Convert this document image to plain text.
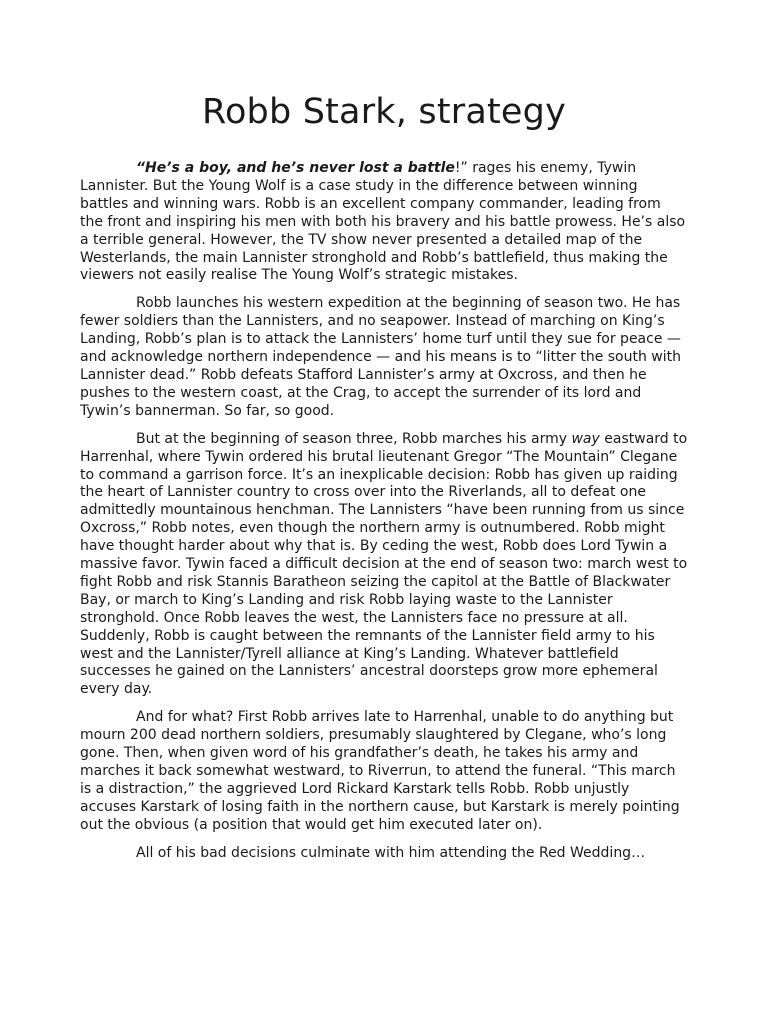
Robb Stark, strategy

“He’s a boy, and he’s never lost a battle!” rages his enemy, Tywin Lannister. But the Young Wolf is a case study in the difference between winning battles and winning wars. Robb is an excellent company commander, leading from the front and inspiring his men with both his bravery and his battle prowess. He’s also a terrible general. However, the TV show never presented a detailed map of the Westerlands, the main Lannister stronghold and Robb’s battlefield, thus making the viewers not easily realise The Young Wolf’s strategic mistakes.

Robb launches his western expedition at the beginning of season two. He has fewer soldiers than the Lannisters, and no seapower. Instead of marching on King’s Landing, Robb’s plan is to attack the Lannisters’ home turf until they sue for peace — and acknowledge northern independence — and his means is to “litter the south with Lannister dead.” Robb defeats Stafford Lannister’s army at Oxcross, and then he pushes to the western coast, at the Crag, to accept the surrender of its lord and Tywin’s bannerman. So far, so good.

But at the beginning of season three, Robb marches his army way eastward to Harrenhal, where Tywin ordered his brutal lieutenant Gregor “The Mountain” Clegane to command a garrison force. It’s an inexplicable decision: Robb has given up raiding the heart of Lannister country to cross over into the Riverlands, all to defeat one admittedly mountainous henchman. The Lannisters “have been running from us since Oxcross,” Robb notes, even though the northern army is outnumbered. Robb might have thought harder about why that is. By ceding the west, Robb does Lord Tywin a massive favor. Tywin faced a difficult decision at the end of season two: march west to fight Robb and risk Stannis Baratheon seizing the capitol at the Battle of Blackwater Bay, or march to King’s Landing and risk Robb laying waste to the Lannister stronghold. Once Robb leaves the west, the Lannisters face no pressure at all. Suddenly, Robb is caught between the remnants of the Lannister field army to his west and the Lannister/Tyrell alliance at King’s Landing. Whatever battlefield successes he gained on the Lannisters’ ancestral doorsteps grow more ephemeral every day.

And for what? First Robb arrives late to Harrenhal, unable to do anything but mourn 200 dead northern soldiers, presumably slaughtered by Clegane, who’s long gone. Then, when given word of his grandfather’s death, he takes his army and marches it back somewhat westward, to Riverrun, to attend the funeral. “This march is a distraction,” the aggrieved Lord Rickard Karstark tells Robb. Robb unjustly accuses Karstark of losing faith in the northern cause, but Karstark is merely pointing out the obvious (a position that would get him executed later on).

All of his bad decisions culminate with him attending the Red Wedding…
